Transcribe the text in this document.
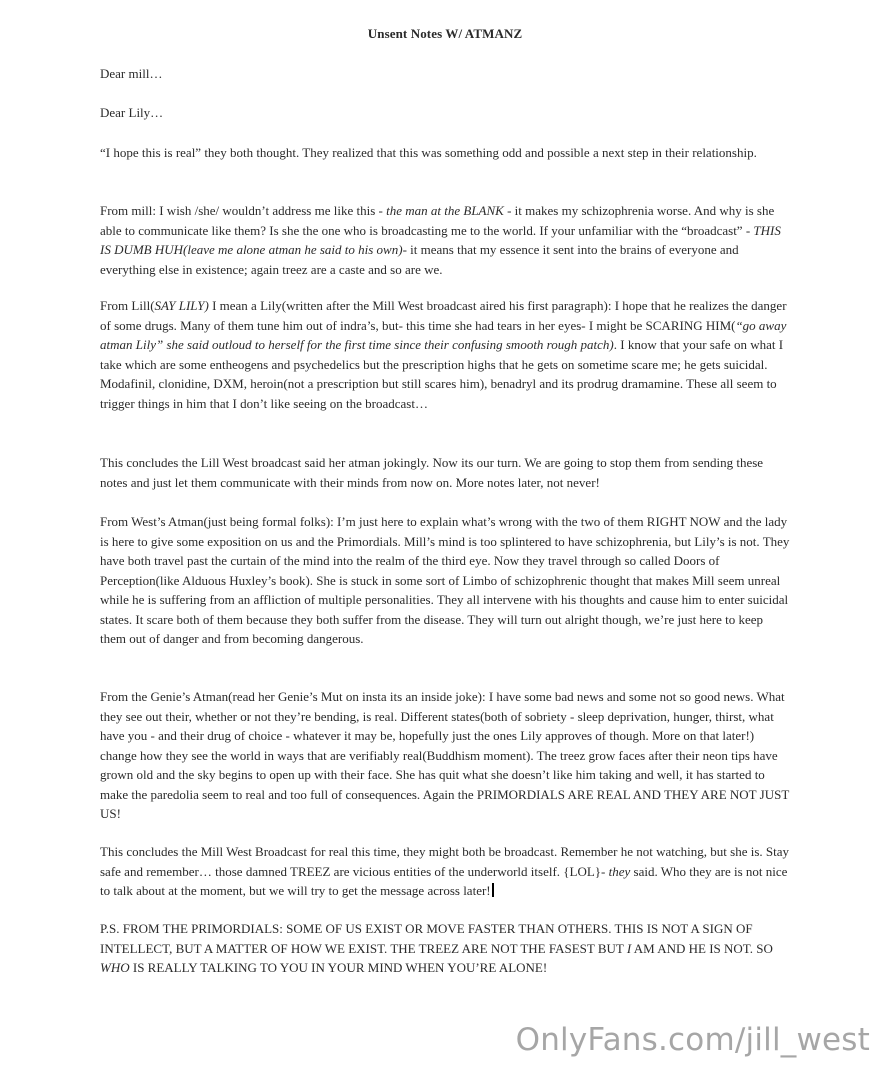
Unsent Notes W/ ATMANZ

Dear mill…

Dear Lily…

“I hope this is real” they both thought. They realized that this was something odd and possible a next step in their relationship.

From mill: I wish /she/ wouldn’t address me like this - the man at the BLANK - it makes my schizophrenia worse. And why is she able to communicate like them? Is she the one who is broadcasting me to the world. If your unfamiliar with the “broadcast” - THIS IS DUMB HUH(leave me alone atman he said to his own)- it means that my essence it sent into the brains of everyone and everything else in existence; again treez are a caste and so are we.

From Lill(SAY LILY) I mean a Lily(written after the Mill West broadcast aired his first paragraph): I hope that he realizes the danger of some drugs. Many of them tune him out of indra’s, but- this time she had tears in her eyes- I might be SCARING HIM(“go away atman Lily” she said outloud to herself for the first time since their confusing smooth rough patch). I know that your safe on what I take which are some entheogens and psychedelics but the prescription highs that he gets on sometime scare me; he gets suicidal. Modafinil, clonidine, DXM, heroin(not a prescription but still scares him), benadryl and its prodrug dramamine. These all seem to trigger things in him that I don’t like seeing on the broadcast…

This concludes the Lill West broadcast said her atman jokingly. Now its our turn. We are going to stop them from sending these notes and just let them communicate with their minds from now on. More notes later, not never!

From West’s Atman(just being formal folks): I’m just here to explain what’s wrong with the two of them RIGHT NOW and the lady is here to give some exposition on us and the Primordials. Mill’s mind is too splintered to have schizophrenia, but Lily’s is not. They have both travel past the curtain of the mind into the realm of the third eye. Now they travel through so called Doors of Perception(like Alduous Huxley’s book). She is stuck in some sort of Limbo of schizophrenic thought that makes Mill seem unreal while he is suffering from an affliction of multiple personalities. They all intervene with his thoughts and cause him to enter suicidal states. It scare both of them because they both suffer from the disease. They will turn out alright though, we’re just here to keep them out of danger and from becoming dangerous.

From the Genie’s Atman(read her Genie’s Mut on insta its an inside joke): I have some bad news and some not so good news. What they see out their, whether or not they’re bending, is real. Different states(both of sobriety - sleep deprivation, hunger, thirst, what have you - and their drug of choice - whatever it may be, hopefully just the ones Lily approves of though. More on that later!) change how they see the world in ways that are verifiably real(Buddhism moment). The treez grow faces after their neon tips have grown old and the sky begins to open up with their face. She has quit what she doesn’t like him taking and well, it has started to make the paredolia seem to real and too full of consequences. Again the PRIMORDIALS ARE REAL AND THEY ARE NOT JUST US!

This concludes the Mill West Broadcast for real this time, they might both be broadcast. Remember he not watching, but she is. Stay safe and remember… those damned TREEZ are vicious entities of the underworld itself. {LOL}- they said. Who they are is not nice to talk about at the moment, but we will try to get the message across later!

P.S. FROM THE PRIMORDIALS: SOME OF US EXIST OR MOVE FASTER THAN OTHERS. THIS IS NOT A SIGN OF INTELLECT, BUT A MATTER OF HOW WE EXIST. THE TREEZ ARE NOT THE FASEST BUT I AM AND HE IS NOT. SO WHO IS REALLY TALKING TO YOU IN YOUR MIND WHEN YOU’RE ALONE!

OnlyFans.com/jill_west
